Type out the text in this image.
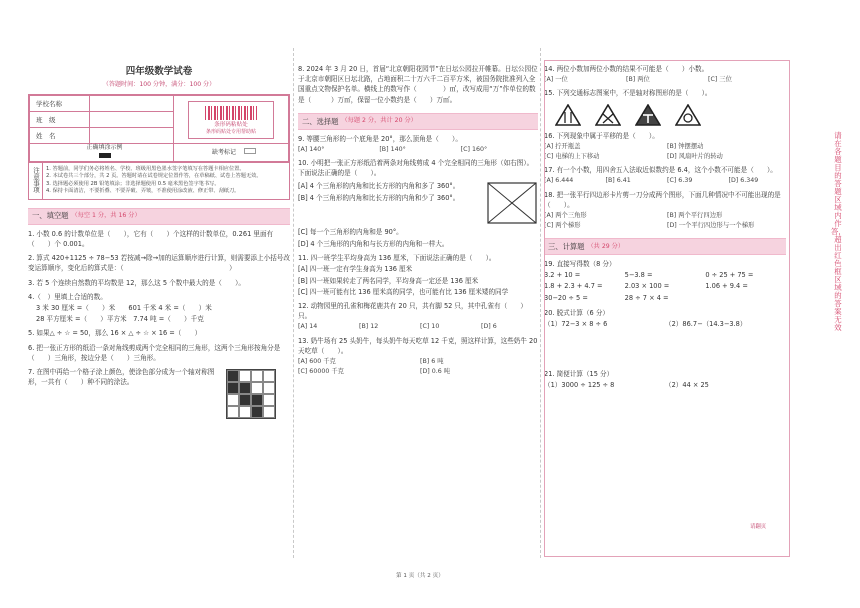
四年级数学试卷
（答题时间：100 分钟，满分：100 分）
学校名称		条形码粘贴处
条形码贴处专用帮助贴

班　级		
姓　名		

正确填涂示例		缺考标记
注意事项	1. 答题前，同学们务必将姓名、学校、班级用黑色墨水签字笔填写在答题卡相应位置。
2. 本试卷共三个部分，共 2 页。答题时请在试卷规定位置作答，在草稿纸、试卷上答题无效。
3. 选择题必须使用 2B 铅笔填涂；非选择题使用 0.5 毫米黑色签字笔书写。
4. 保持卡面清洁，不要折叠、不要弄破、弄皱，不准使用涂改液、修正带、刮纸刀。
一、填空题 （每空 1 分，共 16 分）
1. 小数 0.6 的计数单位是（　　），它有（　　）个这样的计数单位，0.261 里面有（　　）个 0.001。
2. 算式 420+1125 ÷ 78−53 若按减→除→加的运算顺序进行计算，则需要添上小括号改变运算顺序，变化后的算式是：（　　　　　　　　　　　　　　　　）
3. 若 5 个连续自然数的平均数是 12，那么这 5 个数中最大的是（　　）。
4.（　）里填上合适的数。
3 米 30 厘米 =（　　）米　　601 千米 4 米 =（　　）米
28 平方厘米 =（　　）平方米　7.74 吨 =（　　）千克
5. 如果△ ÷ ☆ = 50，那么 16 × △ ÷ ☆ × 16 =（　　）
6. 把一张正方形的纸沿一条对角线剪成两个完全相同的三角形，这两个三角形按角分是（　　）三角形，按边分是（　　）三角形。
7. 在图中再给一个格子涂上颜色，使涂色部分成为一个轴对称图形，一共有（　　）种不同的涂法。
8. 2024 年 3 月 20 日，首届“北京朝阳花园节”在日坛公园拉开帷幕。日坛公园位于北京市朝阳区日坛北路，占地面积二十万六千二百平方米，被国务院批准列入全国重点文物保护名单。横线上的数写作（　　　　）㎡，改写成用“万”作单位的数是（　　　）万㎡，保留一位小数约是（　　）万㎡。
二、选择题 （每题 2 分，共计 20 分）
9. 等腰三角形的一个底角是 20°，那么顶角是（　　）。
[A] 140°	[B] 140°	[C] 160°
10. 小明把一张正方形纸沿着两条对角线剪成 4 个完全相同的三角形（如右图）。下面说法正确的是（　　）。
[A] 4 个三角形的内角和比长方形的内角和多了 360°。
[B] 4 个三角形的内角和比长方形的内角和少了 360°。
[C] 每一个三角形的内角和是 90°。
[D] 4 个三角形的内角和与长方形的内角和一样大。
11. 四一班学生平均身高为 136 厘米，下面说法正确的是（　　）。
[A] 四一班一定有学生身高为 136 厘米
[B] 四一班如果转走了两名同学，平均身高一定还是 136 厘米
[C] 四一班可能有比 136 厘米高的同学，也可能有比 136 厘米矮的同学
12. 动物园里的孔雀和梅花鹿共有 20 只，共有脚 52 只，其中孔雀有（　　）只。
[A] 14	[B] 12	[C] 10	[D] 6
13. 奶牛场有 25 头奶牛，每头奶牛每天吃草 12 千克，照这样计算，这些奶牛 20 天吃草（　　）。
[A] 600 千克	[B] 6 吨
[C] 60000 千克	[D] 0.6 吨
14. 两位小数加两位小数的结果不可能是（　　）小数。
[A] 一位	[B] 两位	[C] 三位
15. 下列交通标志图案中，不是轴对称图形的是（　　）。
16. 下列现象中属于平移的是（　　）。
[A] 拧开瓶盖	[B] 钟摆摆动
[C] 电梯的上下移动	[D] 风扇叶片的转动
17. 有一个小数，用四舍五入法取近似数约是 6.4，这个小数不可能是（　　）。
[A] 6.444	[B] 6.41	[C] 6.39	[D] 6.349
18. 把一张平行四边形卡片剪一刀分成两个图形，下面几种情况中不可能出现的是（　　）。
[A] 两个三角形	[B] 两个平行四边形
[C] 两个梯形	[D] 一个平行四边形与一个梯形
三、计算题 （共 29 分）
19. 直接写得数（8 分）
3.2 + 10 =	5−3.8 =	0 ÷ 25 + 75 =
1.8 + 2.3 + 4.7 =	2.03 × 100 =	1.06 + 9.4 =
30−20 ÷ 5 =	28 ÷ 7 × 4 =
20. 脱式计算（6 分）
（1）72−3 × 8 ÷ 6	（2）86.7−（14.3−3.8）
21. 简便计算（15 分）
（1）3000 ÷ 125 ÷ 8	（2）44 × 25
请翻页
第 1 页（共 2 页）
请在各题目的答题区域内作答，超出红色框区域的答案无效
